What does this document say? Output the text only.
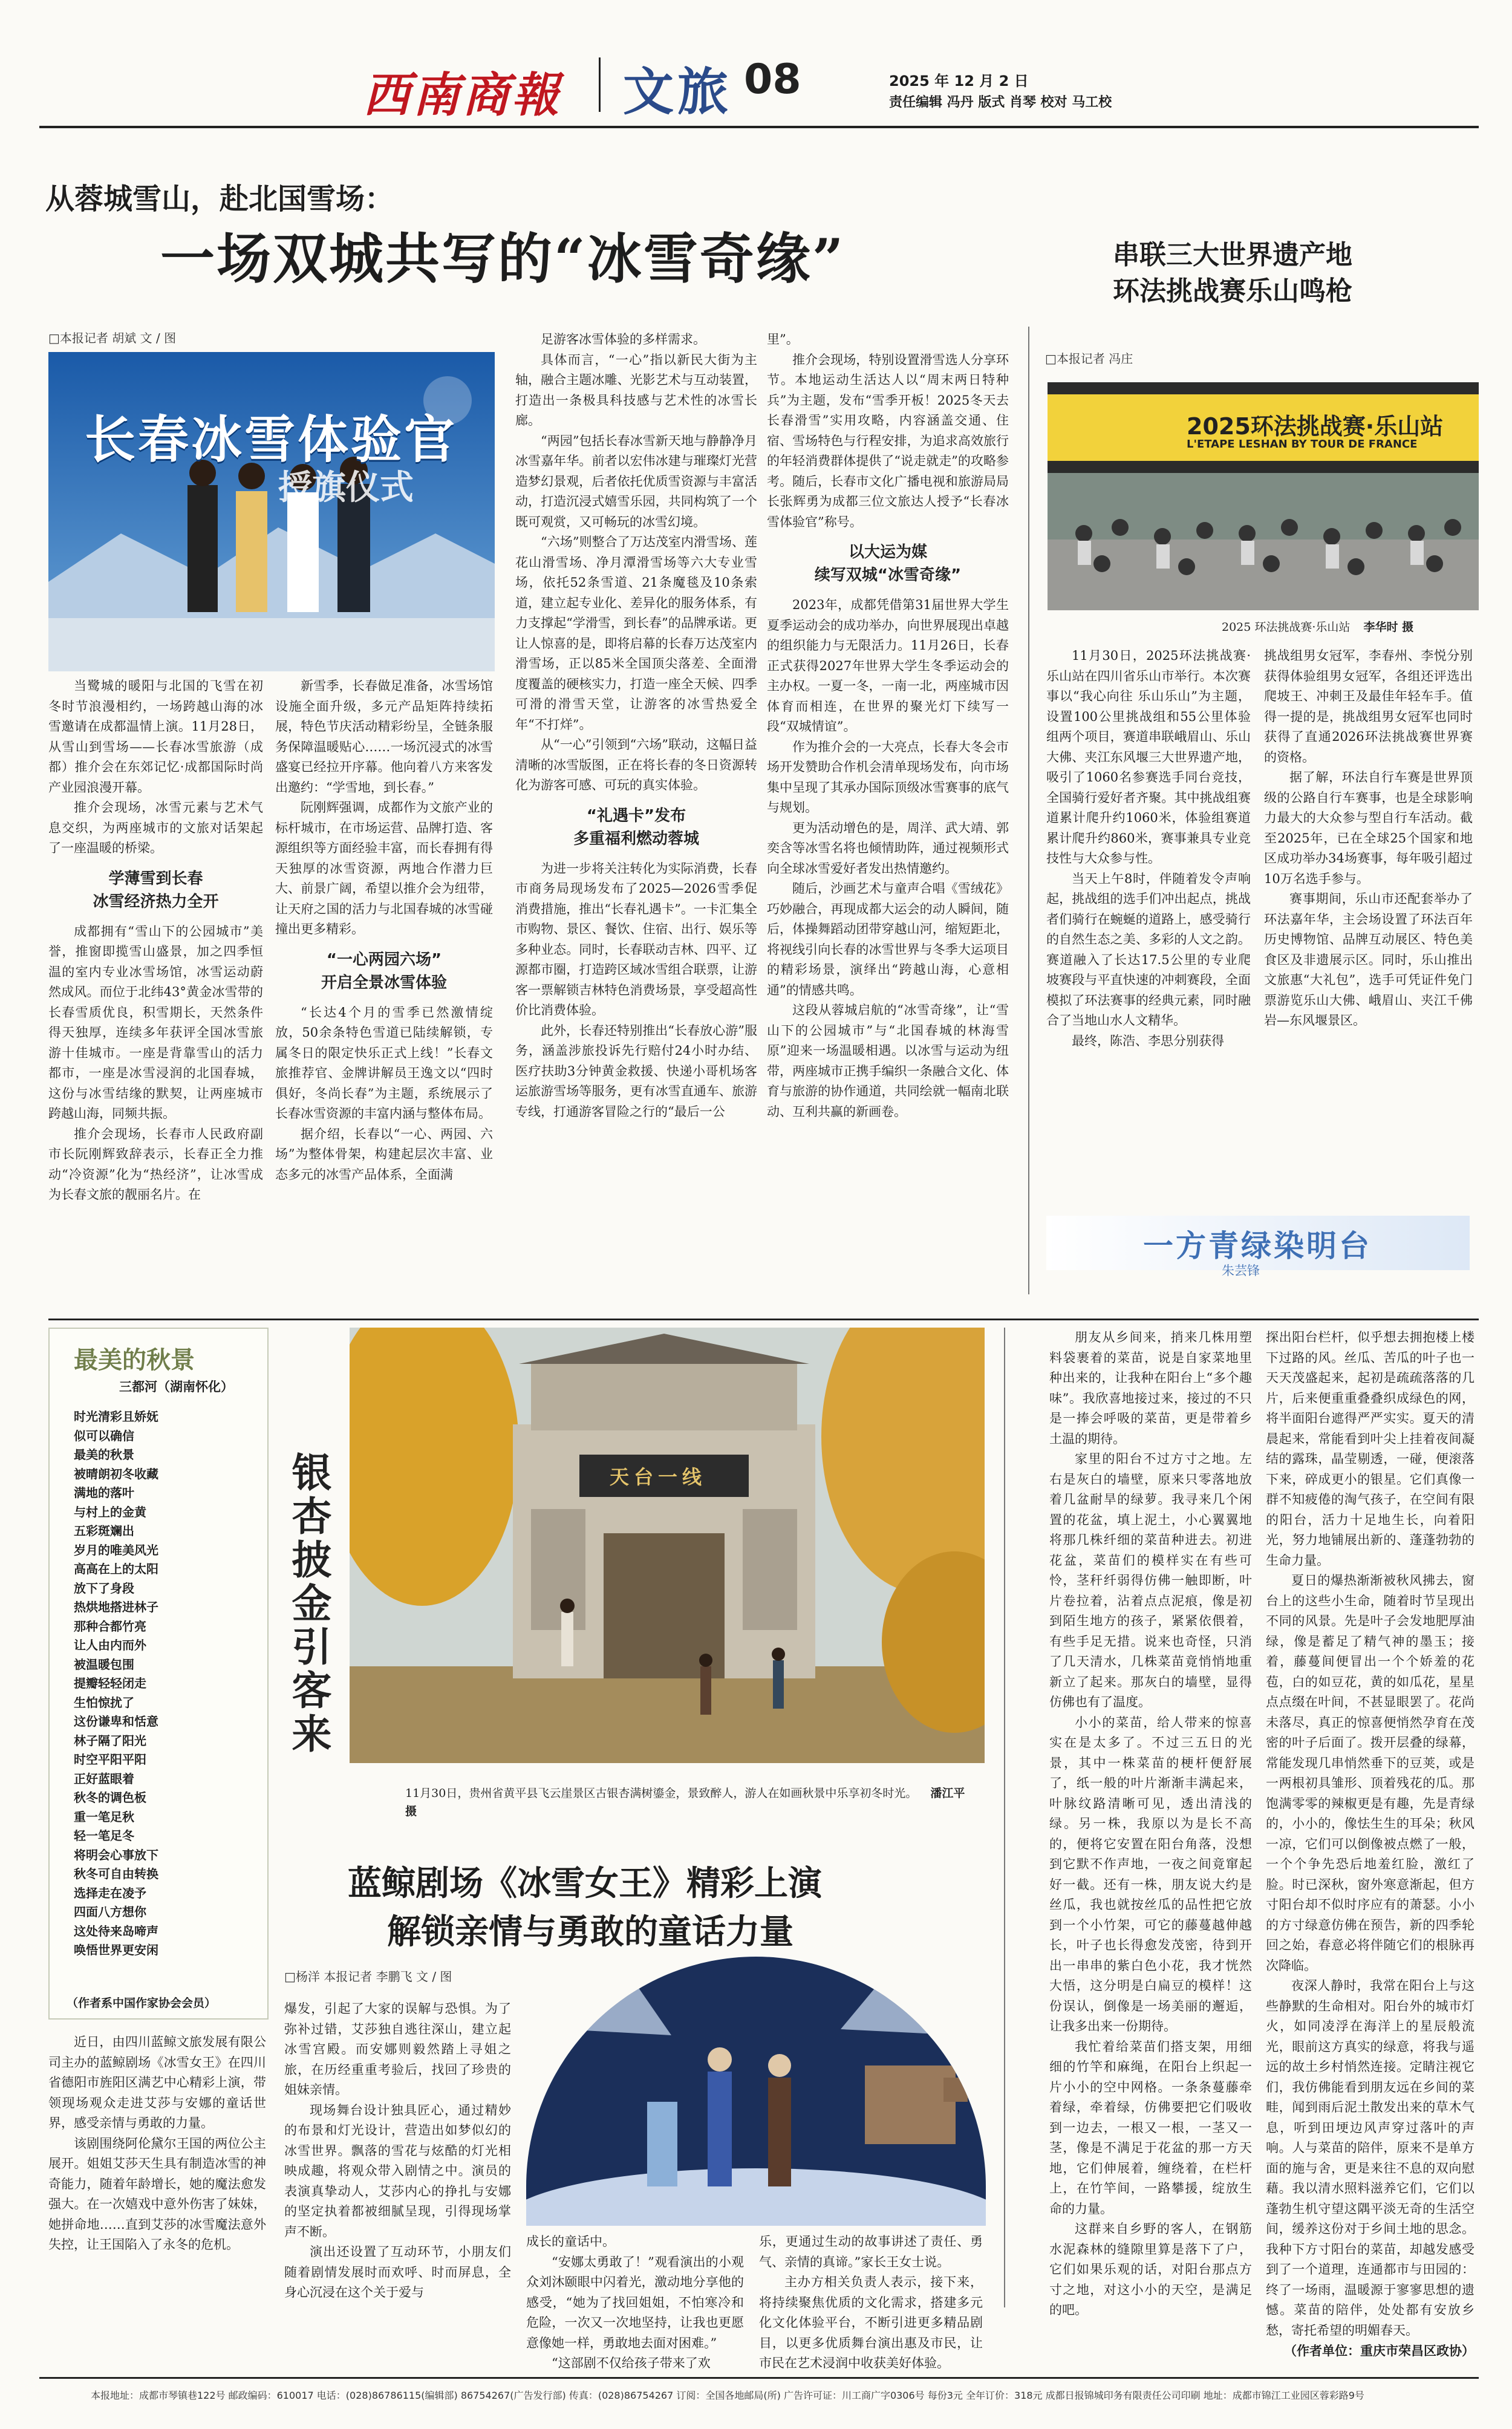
西南商報 文旅 08	2025 年 12 月 2 日
责任编辑 冯丹 版式 肖琴 校对 马工校
从蓉城雪山，赴北国雪场：
一场双城共写的“冰雪奇缘”
□本报记者 胡斌 文 / 图
长春冰雪体验官
授旗仪式

当鹭城的暖阳与北国的飞雪在初冬时节浪漫相约，一场跨越山海的冰雪邀请在成都温情上演。11月28日，从雪山到雪场——长春冰雪旅游（成都）推介会在东郊记忆·成都国际时尚产业园浪漫开幕。

推介会现场，冰雪元素与艺术气息交织，为两座城市的文旅对话架起了一座温暖的桥梁。

学薄雪到长春
冰雪经济热力全开

成都拥有“雪山下的公园城市”美誉，推窗即揽雪山盛景，加之四季恒温的室内专业冰雪场馆，冰雪运动蔚然成风。而位于北纬43°黄金冰雪带的长春雪质优良，积雪期长，天然条件得天独厚，连续多年获评全国冰雪旅游十佳城市。一座是背靠雪山的活力都市，一座是冰雪浸润的北国春城，这份与冰雪结缘的默契，让两座城市跨越山海，同频共振。

推介会现场，长春市人民政府副市长阮刚辉致辞表示，长春正全力推动“冷资源”化为“热经济”，让冰雪成为长春文旅的靓丽名片。在

新雪季，长春做足准备，冰雪场馆设施全面升级，多元产品矩阵持续拓展，特色节庆活动精彩纷呈，全链条服务保障温暖贴心……一场沉浸式的冰雪盛宴已经拉开序幕。他向着八方来客发出邀约：“学雪地，到长春。”

阮刚辉强调，成都作为文旅产业的标杆城市，在市场运营、品牌打造、客源组织等方面经验丰富，而长春拥有得天独厚的冰雪资源，两地合作潜力巨大、前景广阔，希望以推介会为纽带，让天府之国的活力与北国春城的冰雪碰撞出更多精彩。

“一心两园六场”
开启全景冰雪体验

“长达4个月的雪季已然激情绽放，50余条特色雪道已陆续解锁，专属冬日的限定快乐正式上线！”长春文旅推荐官、金牌讲解员王逸文以“四时俱好，冬尚长春”为主题，系统展示了长春冰雪资源的丰富内涵与整体布局。

据介绍，长春以“一心、两园、六场”为整体骨架，构建起层次丰富、业态多元的冰雪产品体系，全面满

足游客冰雪体验的多样需求。

具体而言，“一心”指以新民大街为主轴，融合主题冰雕、光影艺术与互动装置，打造出一条极具科技感与艺术性的冰雪长廊。

“两园”包括长春冰雪新天地与静静净月冰雪嘉年华。前者以宏伟冰建与璀璨灯光营造梦幻景观，后者依托优质雪资源与丰富活动，打造沉浸式嬉雪乐园，共同构筑了一个既可观赏，又可畅玩的冰雪幻境。

“六场”则整合了万达茂室内滑雪场、莲花山滑雪场、净月潭滑雪场等六大专业雪场，依托52条雪道、21条魔毯及10条索道，建立起专业化、差异化的服务体系，有力支撑起“学滑雪，到长春”的品牌承诺。更让人惊喜的是，即将启幕的长春万达茂室内滑雪场，正以85米全国顶尖落差、全面滑度覆盖的硬核实力，打造一座全天候、四季可滑的滑雪天堂，让游客的冰雪热爱全年“不打烊”。

从“一心”引领到“六场”联动，这幅日益清晰的冰雪版图，正在将长春的冬日资源转化为游客可感、可玩的真实体验。

“礼遇卡”发布
多重福利燃动蓉城

为进一步将关注转化为实际消费，长春市商务局现场发布了2025—2026雪季促消费措施，推出“长春礼遇卡”。一卡汇集全市购物、景区、餐饮、住宿、出行、娱乐等多种业态。同时，长春联动吉林、四平、辽源都市圈，打造跨区域冰雪组合联票，让游客一票解锁吉林特色消费场景，享受超高性价比消费体验。

此外，长春还特别推出“长春放心游”服务，涵盖涉旅投诉先行赔付24小时办结、医疗扶助3分钟黄金救援、快递小哥机场客运旅游雪场等服务，更有冰雪直通车、旅游专线，打通游客冒险之行的“最后一公

里”。

推介会现场，特别设置滑雪选人分享环节。本地运动生活达人以“周末两日特种兵”为主题，发布“雪季开板！2025冬天去长春滑雪”实用攻略，内容涵盖交通、住宿、雪场特色与行程安排，为追求高效旅行的年轻消费群体提供了“说走就走”的攻略参考。随后，长春市文化广播电视和旅游局局长张辉勇为成都三位文旅达人授予“长春冰雪体验官”称号。

以大运为媒
续写双城“冰雪奇缘”

2023年，成都凭借第31届世界大学生夏季运动会的成功举办，向世界展现出卓越的组织能力与无限活力。11月26日，长春正式获得2027年世界大学生冬季运动会的主办权。一夏一冬，一南一北，两座城市因体育而相连，在世界的聚光灯下续写一段“双城情谊”。

作为推介会的一大亮点，长春大冬会市场开发赞助合作机会清单现场发布，向市场集中呈现了其承办国际顶级冰雪赛事的底气与规划。

更为活动增色的是，周洋、武大靖、郭奕含等冰雪名将也倾情助阵，通过视频形式向全球冰雪爱好者发出热情邀约。

随后，沙画艺术与童声合唱《雪绒花》巧妙融合，再现成都大运会的动人瞬间，随后，体操舞蹈动团带穿越山河，缩短距北，将视线引向长春的冰雪世界与冬季大运项目的精彩场景，演绎出“跨越山海，心意相通”的情感共鸣。

这段从蓉城启航的“冰雪奇缘”，让“雪山下的公园城市”与“北国春城的林海雪原”迎来一场温暖相遇。以冰雪与运动为纽带，两座城市正携手编织一条融合文化、体育与旅游的协作通道，共同绘就一幅南北联动、互利共赢的新画卷。

串联三大世界遗产地
环法挑战赛乐山鸣枪
□本报记者 冯庄
2025环法挑战赛·乐山站
L'ETAPE LESHAN BY TOUR DE FRANCE
2025 环法挑战赛·乐山站 李华时 摄

11月30日，2025环法挑战赛·乐山站在四川省乐山市举行。本次赛事以“我心向往 乐山乐山”为主题，设置100公里挑战组和55公里体验组两个项目，赛道串联峨眉山、乐山大佛、夹江东风堰三大世界遗产地，吸引了1060名参赛选手同台竞技，全国骑行爱好者齐聚。其中挑战组赛道累计爬升约1060米，体验组赛道累计爬升约860米，赛事兼具专业竞技性与大众参与性。

当天上午8时，伴随着发令声响起，挑战组的选手们冲出起点，挑战者们骑行在蜿蜒的道路上，感受骑行的自然生态之美、多彩的人文之韵。赛道融入了长达17.5公里的专业爬坡赛段与平直快速的冲刺赛段，全面模拟了环法赛事的经典元素，同时融合了当地山水人文精华。

最终，陈浩、李思分别获得

挑战组男女冠军，李春州、李悦分别获得体验组男女冠军，各组还评选出爬坡王、冲刺王及最佳年轻车手。值得一提的是，挑战组男女冠军也同时获得了直通2026环法挑战赛世界赛的资格。

据了解，环法自行车赛是世界顶级的公路自行车赛事，也是全球影响力最大的大众参与型自行车活动。截至2025年，已在全球25个国家和地区成功举办34场赛事，每年吸引超过10万名选手参与。

赛事期间，乐山市还配套举办了环法嘉年华，主会场设置了环法百年历史博物馆、品牌互动展区、特色美食区及非遗展示区。同时，乐山推出文旅惠“大礼包”，选手可凭证件免门票游览乐山大佛、峨眉山、夹江千佛岩—东风堰景区。

一方青绿染明台
朱芸锋
最美的秋景
三都河（湖南怀化）
时光清彩且娇妩
似可以确信
最美的秋景
被晴朗初冬收藏
满地的落叶
与村上的金黄
五彩斑斓出
岁月的唯美风光
高高在上的太阳
放下了身段
热烘地搭进林子
那种合都竹亮
让人由内而外
被温暖包围
提瓣轻轻闭走
生怕惊扰了
这份谦卑和恬意
林子隔了阳光
时空平阳平阳
正好蓝眼着
秋冬的调色板
重一笔足秋
轻一笔足冬
将明会心事放下
秋冬可自由转换
选择走在凌予
四面八方想你
这处待来岛啼声
唤悟世界更安闲
（作者系中国作家协会会员）
银杏披金引客来	天台一线
11月30日，贵州省黄平县飞云崖景区古银杏满树鎏金，景致醉人，游人在如画秋景中乐享初冬时光。 潘江平 摄

朋友从乡间来，捎来几株用塑料袋裹着的菜苗，说是自家菜地里种出来的，让我种在阳台上“多个趣味”。我欣喜地接过来，接过的不只是一捧会呼吸的菜苗，更是带着乡土温的期待。

家里的阳台不过方寸之地。左右是灰白的墙壁，原来只零落地放着几盆耐旱的绿萝。我寻来几个闲置的花盆，填上泥土，小心翼翼地将那几株纤细的菜苗种进去。初进花盆，菜苗们的模样实在有些可怜，茎秆纤弱得仿佛一触即断，叶片卷拉着，沾着点点泥痕，像是初到陌生地方的孩子，紧紧依偎着，有些手足无措。说来也奇怪，只消了几天清水，几株菜苗竟悄悄地重新立了起来。那灰白的墙壁，显得仿佛也有了温度。

小小的菜苗，给人带来的惊喜实在是太多了。不过三五日的光景，其中一株菜苗的梗杆便舒展了，纸一般的叶片渐渐丰满起来，叶脉纹路清晰可见，透出清浅的绿。另一株，我原以为是长不高的，便将它安置在阳台角落，没想到它默不作声地，一夜之间竟窜起好一截。还有一株，朋友说大约是丝瓜，我也就按丝瓜的品性把它放到一个小竹架，可它的藤蔓越伸越长，叶子也长得愈发茂密，待到开出一串串的紫白色小花，我才恍然大悟，这分明是白扁豆的模样！这份误认，倒像是一场美丽的邂逅，让我多出来一份期待。

我忙着给菜苗们搭支架，用细细的竹竿和麻绳，在阳台上织起一片小小的空中网格。一条条蔓藤牵着绿，牵着绿，仿佛要把它们吸收到一边去，一根又一根，一茎又一茎，像是不满足于花盆的那一方天地，它们伸展着，缠绕着，在栏杆上，在竹竿间，一路攀援，绽放生命的力量。

这群来自乡野的客人，在钢筋水泥森林的缝隙里算是落下了户，它们如果乐观的话，对阳台那点方寸之地，对这小小的天空，是满足的吧。

探出阳台栏杆，似乎想去拥抱楼上楼下过路的风。丝瓜、苦瓜的叶子也一天天茂盛起来，起初是疏疏落落的几片，后来便重重叠叠织成绿色的网，将半面阳台遮得严严实实。夏天的清晨起来，常能看到叶尖上挂着夜间凝结的露珠，晶莹剔透，一碰，便滚落下来，碎成更小的银星。它们真像一群不知疲倦的淘气孩子，在空间有限的阳台，活力十足地生长，向着阳光，努力地铺展出新的、蓬蓬勃勃的生命力量。

夏日的爆热渐渐被秋风拂去，窗台上的这些小生命，随着时节呈现出不同的风景。先是叶子会发地肥厚油绿，像是蓄足了精气神的墨玉；接着，藤蔓间便冒出一个个娇羞的花苞，白的如豆花，黄的如瓜花，星星点点缀在叶间，不甚显眼罢了。花尚未落尽，真正的惊喜便悄然孕育在茂密的叶子后面了。拨开层叠的绿幕，常能发现几串悄然垂下的豆荚，或是一两根初具雏形、顶着残花的瓜。那饱满零零的辣椒更是有趣，先是青绿的，小小的，像怯生生的耳朵；秋风一凉，它们可以倒像被点燃了一般，一个个争先恐后地羞红脸，激红了脸。时已深秋，窗外寒意渐起，但方寸阳台却不似时序应有的萧瑟。小小的方寸绿意仿佛在预告，新的四季轮回之始，春意必将伴随它们的根脉再次降临。

夜深人静时，我常在阳台上与这些静默的生命相对。阳台外的城市灯火，如同凌浮在海洋上的星辰般流光，眼前这方真实的绿意，将我与遥远的故土乡村悄然连接。定睛注视它们，我仿佛能看到朋友远在乡间的菜畦，闻到雨后泥土散发出来的草木气息，听到田埂边风声穿过落叶的声响。人与菜苗的陪伴，原来不是单方面的施与舍，更是来往不息的双向慰藉。我以清水照料滋养它们，它们以蓬勃生机守望这隅平淡无奇的生活空间，缓养这份对于乡间土地的思念。我种下方寸阳台的菜苗，却越发感受到了一个道理，连通都市与田园的：终了一场雨，温暖源于寥寥思想的遗憾。菜苗的陪伴，处处都有安放乡愁，寄托希望的明媚春天。

（作者单位：重庆市荣昌区政协）
蓝鲸剧场《冰雪女王》精彩上演
解锁亲情与勇敢的童话力量
□杨洋 本报记者 李鹏飞 文 / 图

近日，由四川蓝鲸文旅发展有限公司主办的蓝鲸剧场《冰雪女王》在四川省德阳市旌阳区满艺中心精彩上演，带领现场观众走进艾莎与安娜的童话世界，感受亲情与勇敢的力量。

该剧围绕阿伦黛尔王国的两位公主展开。姐姐艾莎天生具有制造冰雪的神奇能力，随着年龄增长，她的魔法愈发强大。在一次嬉戏中意外伤害了妹妹，她拼命地……直到艾莎的冰雪魔法意外失控，让王国陷入了永冬的危机。

爆发，引起了大家的误解与恐惧。为了弥补过错，艾莎独自逃往深山，建立起冰雪宫殿。而安娜则毅然踏上寻姐之旅，在历经重重考验后，找回了珍贵的姐妹亲情。

现场舞台设计独具匠心，通过精妙的布景和灯光设计，营造出如梦似幻的冰雪世界。飘落的雪花与炫酷的灯光相映成趣，将观众带入剧情之中。演员的表演真挚动人，艾莎内心的挣扎与安娜的坚定执着都被细腻呈现，引得现场掌声不断。

演出还设置了互动环节，小朋友们随着剧情发展时而欢呼、时而屏息，全身心沉浸在这个关于爱与

成长的童话中。

“安娜太勇敢了！”观看演出的小观众刘沐颐眼中闪着光，激动地分享他的感受，“她为了找回姐姐，不怕寒冷和危险，一次又一次地坚持，让我也更愿意像她一样，勇敢地去面对困难。”

“这部剧不仅给孩子带来了欢

乐，更通过生动的故事讲述了责任、勇气、亲情的真谛。”家长王女士说。

主办方相关负责人表示，接下来，将持续聚焦优质的文化需求，搭建多元化文化体验平台，不断引进更多精品剧目，以更多优质舞台演出惠及市民，让市民在艺术浸润中收获美好体验。

本报地址：成都市琴镇巷122号 邮政编码：610017 电话：(028)86786115(编辑部) 86754267(广告发行部) 传真：(028)86754267 订阅：全国各地邮局(所) 广告许可证：川工商广字0306号 每份3元 全年订价：318元 成都日报锦城印务有限责任公司印刷 地址：成都市锦江工业园区蓉彩路9号
